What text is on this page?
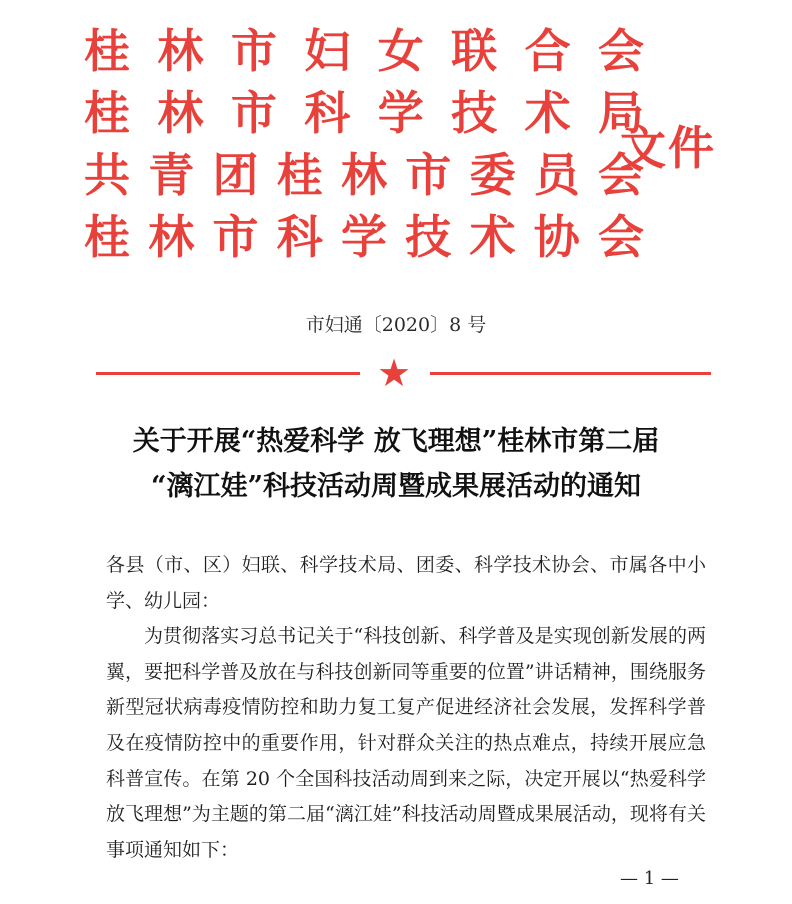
桂林市妇女联合会
桂林市科学技术局
共青团桂林市委员会
桂林市科学技术协会
文件
市妇通〔2020〕8 号
★
关于开展“热爱科学 放飞理想”桂林市第二届
“漓江娃”科技活动周暨成果展活动的通知

各县（市、区）妇联、科学技术局、团委、科学技术协会、市属各中小学、幼儿园：

为贯彻落实习总书记关于“科技创新、科学普及是实现创新发展的两翼，要把科学普及放在与科技创新同等重要的位置”讲话精神，围绕服务新型冠状病毒疫情防控和助力复工复产促进经济社会发展，发挥科学普及在疫情防控中的重要作用，针对群众关注的热点难点，持续开展应急科普宣传。在第 20 个全国科技活动周到来之际，决定开展以“热爱科学 放飞理想”为主题的第二届“漓江娃”科技活动周暨成果展活动，现将有关事项通知如下：

— 1 —
